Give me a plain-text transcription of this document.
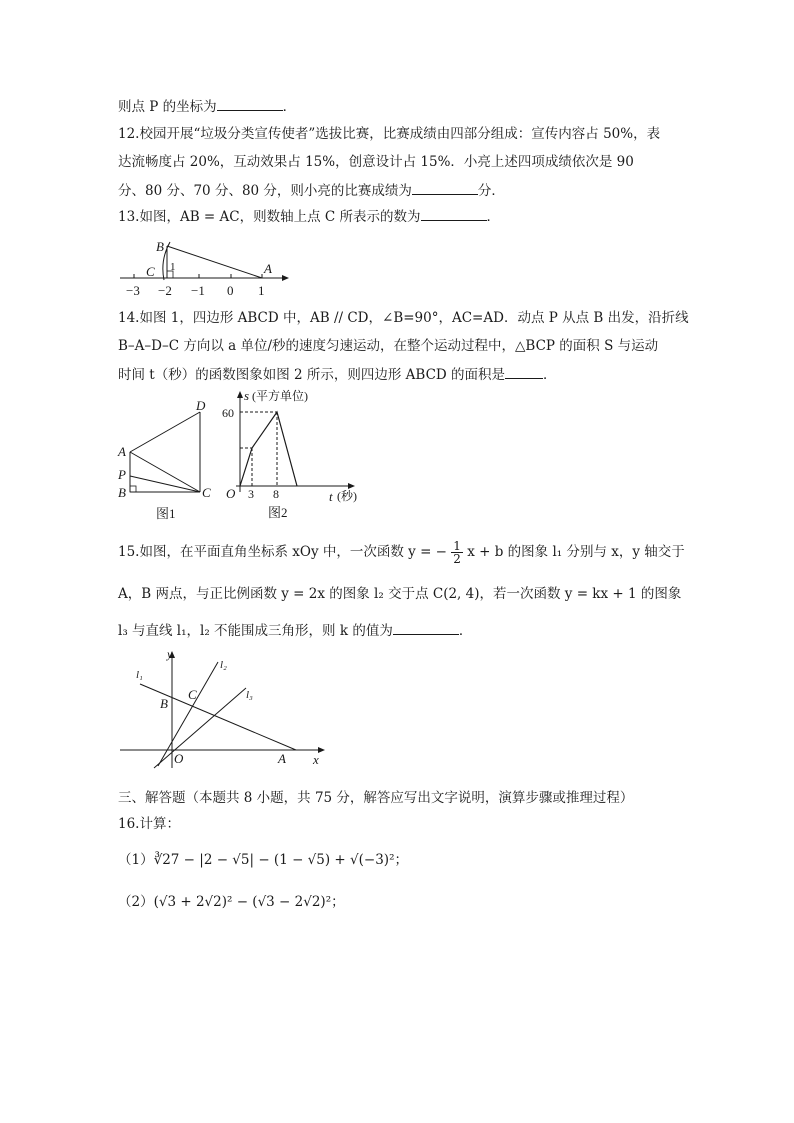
则点 P 的坐标为	．
12.校园开展“垃圾分类宣传使者”选拔比赛，比赛成绩由四部分组成：宣传内容占 50%，表
达流畅度占 20%，互动效果占 15%，创意设计占 15%．小亮上述四项成绩依次是 90
分、80 分、70 分、80 分，则小亮的比赛成绩为	分．
13.如图，AB = AC，则数轴上点 C 所表示的数为	．
−3 −2 −1 0 1
B
C	A
1
14.如图 1，四边形 ABCD 中，AB // CD，∠B=90°，AC=AD．动点 P 从点 B 出发，沿折线
B–A–D–C 方向以 a 单位/秒的速度匀速运动，在整个运动过程中，△BCP 的面积 S 与运动
时间 t（秒）的函数图象如图 2 所示，则四边形 ABCD 的面积是	．
A
B	C
D
P
图1
s (平方单位)
60
O 3 8	t (秒)
图2
15.如图，在平面直角坐标系 xOy 中，一次函数 y = − $\frac{1}{2}$ x + b 的图象 l₁ 分别与 x，y 轴交于
A，B 两点，与正比例函数 y = 2x 的图象 l₂ 交于点 C(2, 4)，若一次函数 y = kx + 1 的图象
l₃ 与直线 l₁，l₂ 不能围成三角形，则 k 的值为	．
y
x
O	A
B
C
l₁
l₂
l₃
三、解答题（本题共 8 小题，共 75 分，解答应写出文字说明，演算步骤或推理过程）
16.计算：
（1）∛27 − |2 − √5| − (1 − √5) + √(−3)²；
（2）(√3 + 2√2)² − (√3 − 2√2)²；
